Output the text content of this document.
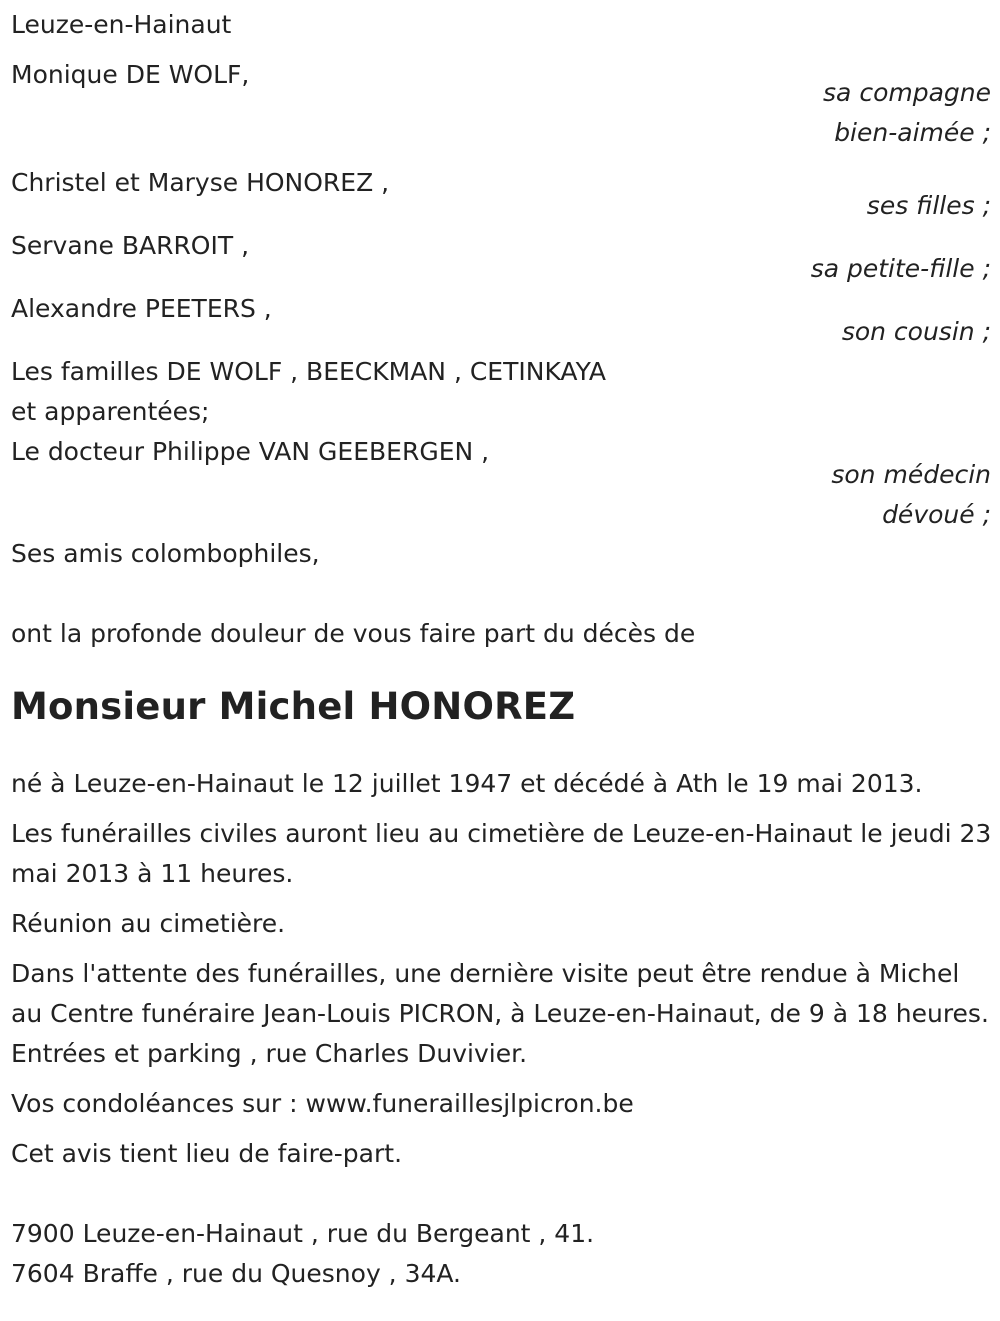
Leuze-en-Hainaut
Monique DE WOLF,
sa compagne
bien-aimée ;
Christel et Maryse HONOREZ ,
ses filles ;
Servane BARROIT ,
sa petite-fille ;
Alexandre PEETERS ,
son cousin ;
Les familles DE WOLF , BEECKMAN , CETINKAYA
et apparentées;
Le docteur Philippe VAN GEEBERGEN ,
son médecin
dévoué ;
Ses amis colombophiles,
ont la profonde douleur de vous faire part du décès de
Monsieur Michel HONOREZ
né à Leuze-en-Hainaut le 12 juillet 1947 et décédé à Ath le 19 mai 2013.
Les funérailles civiles auront lieu au cimetière de Leuze-en-Hainaut le jeudi 23 mai 2013 à 11 heures.
Réunion au cimetière.
Dans l'attente des funérailles, une dernière visite peut être rendue à Michel au Centre funéraire Jean-Louis PICRON, à Leuze-en-Hainaut, de 9 à 18 heures. Entrées et parking , rue Charles Duvivier.
Vos condoléances sur : www.funeraillesjlpicron.be
Cet avis tient lieu de faire-part.
7900 Leuze-en-Hainaut , rue du Bergeant , 41.
7604 Braffe , rue du Quesnoy , 34A.
